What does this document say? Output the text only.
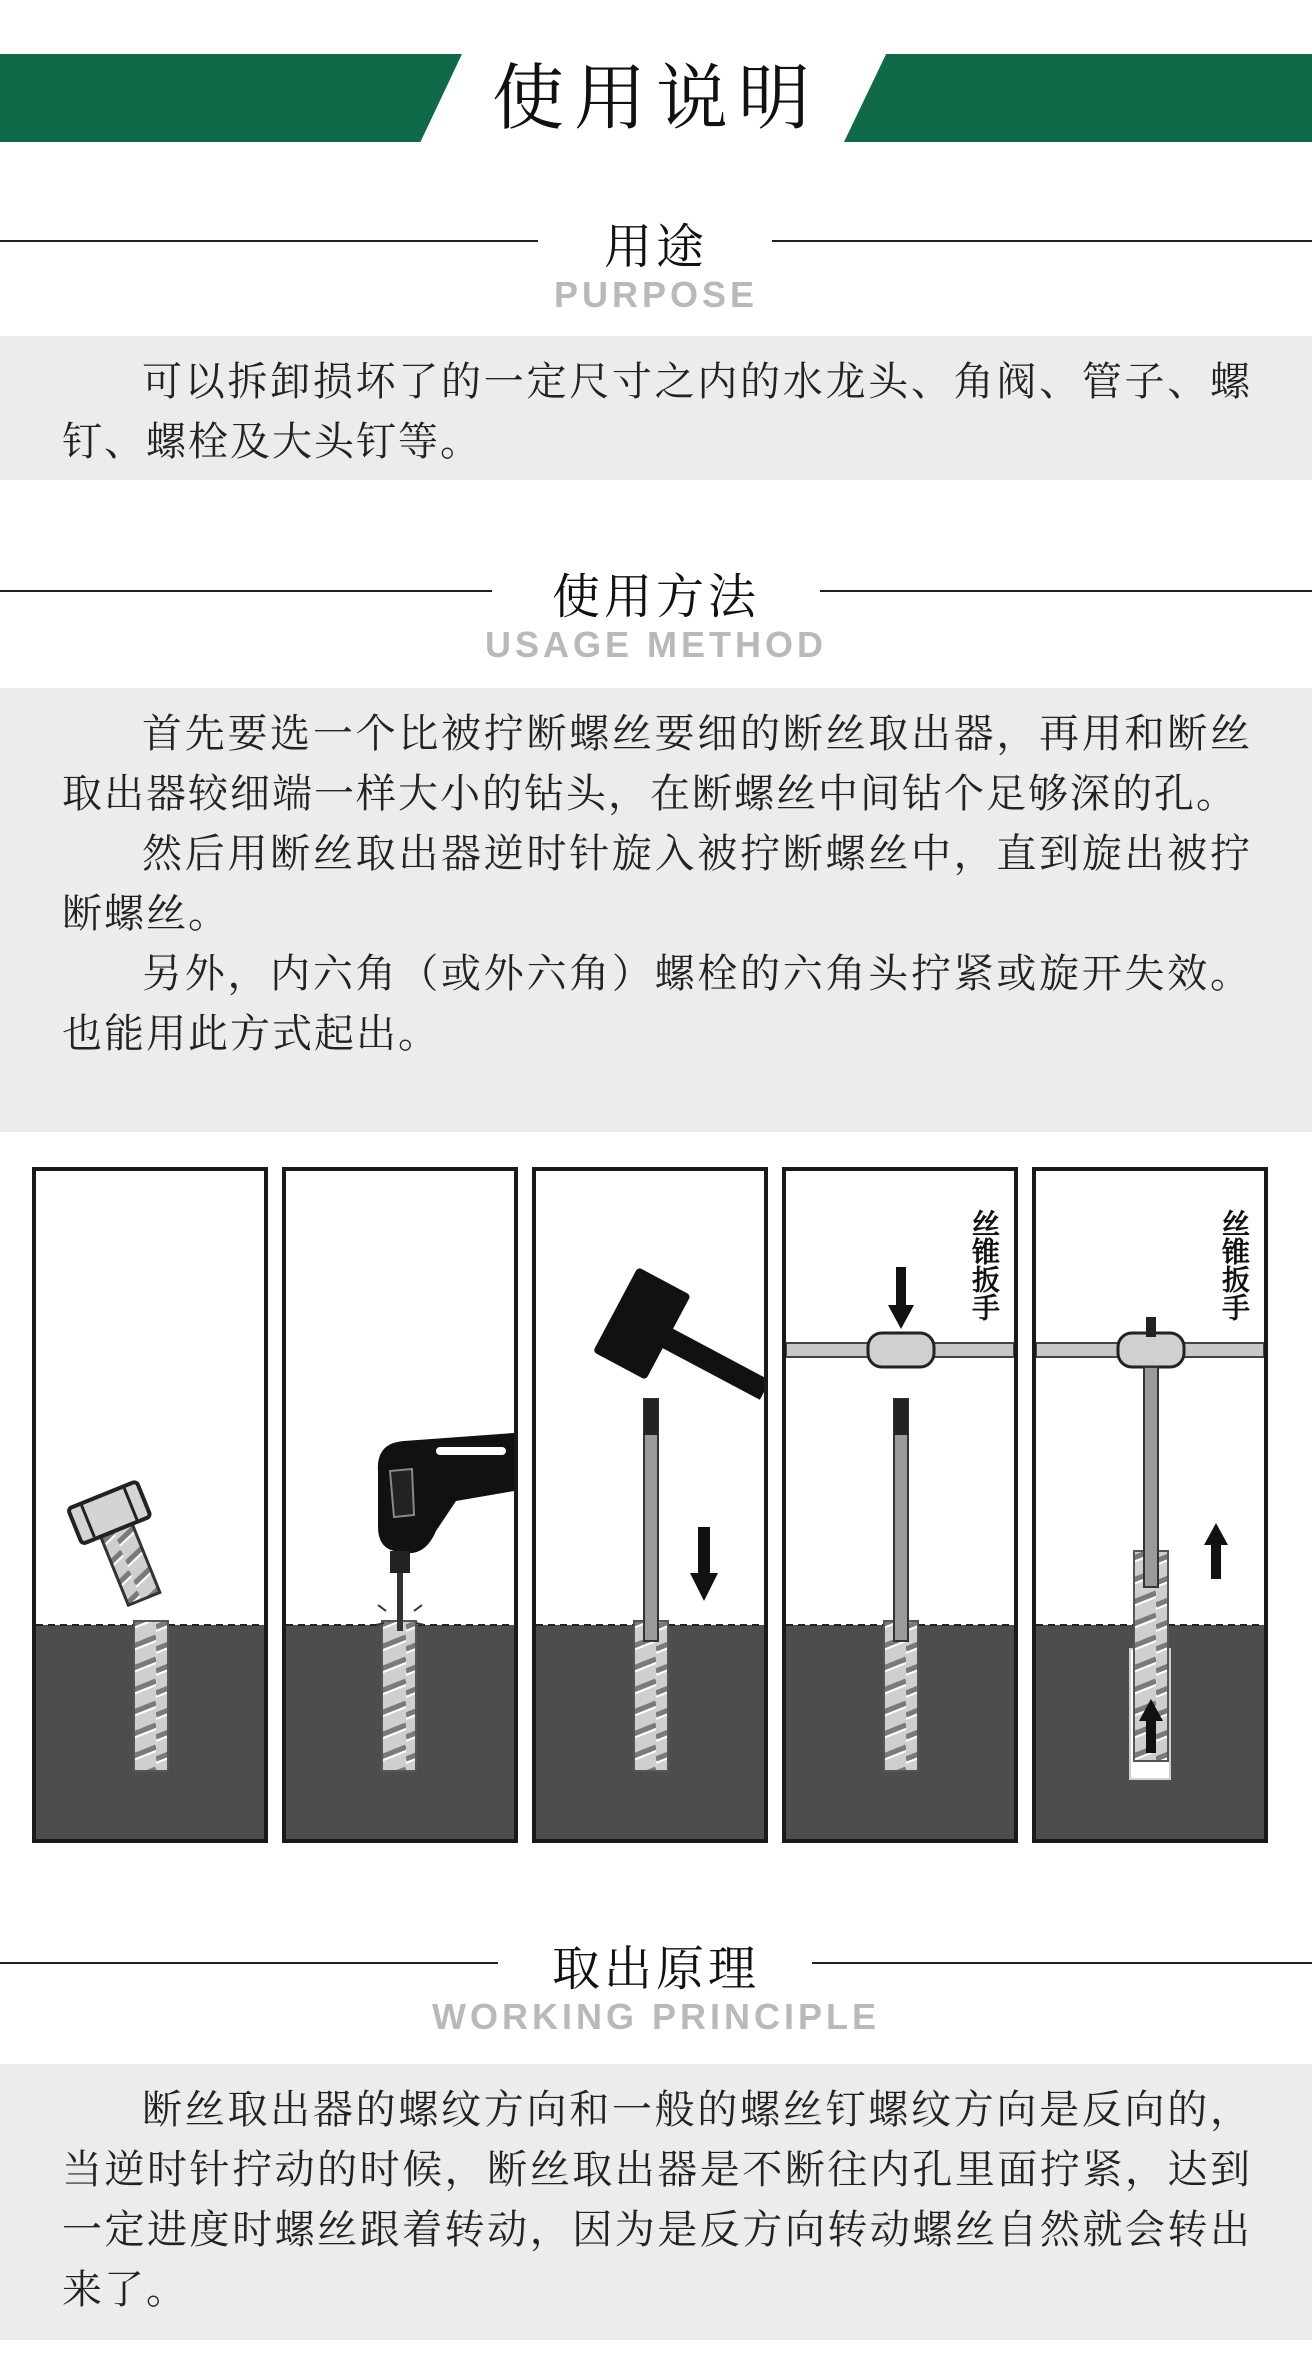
使用说明
用途
PURPOSE

可以拆卸损坏了的一定尺寸之内的水龙头、角阀、管子、螺钉、螺栓及大头钉等。

使用方法
USAGE METHOD

首先要选一个比被拧断螺丝要细的断丝取出器，再用和断丝取出器较细端一样大小的钻头，在断螺丝中间钻个足够深的孔。

然后用断丝取出器逆时针旋入被拧断螺丝中，直到旋出被拧断螺丝。

另外，内六角（或外六角）螺栓的六角头拧紧或旋开失效。也能用此方式起出。

丝锥扳手	丝锥扳手
取出原理
WORKING PRINCIPLE

断丝取出器的螺纹方向和一般的螺丝钉螺纹方向是反向的，当逆时针拧动的时候，断丝取出器是不断往内孔里面拧紧，达到一定进度时螺丝跟着转动，因为是反方向转动螺丝自然就会转出来了。
